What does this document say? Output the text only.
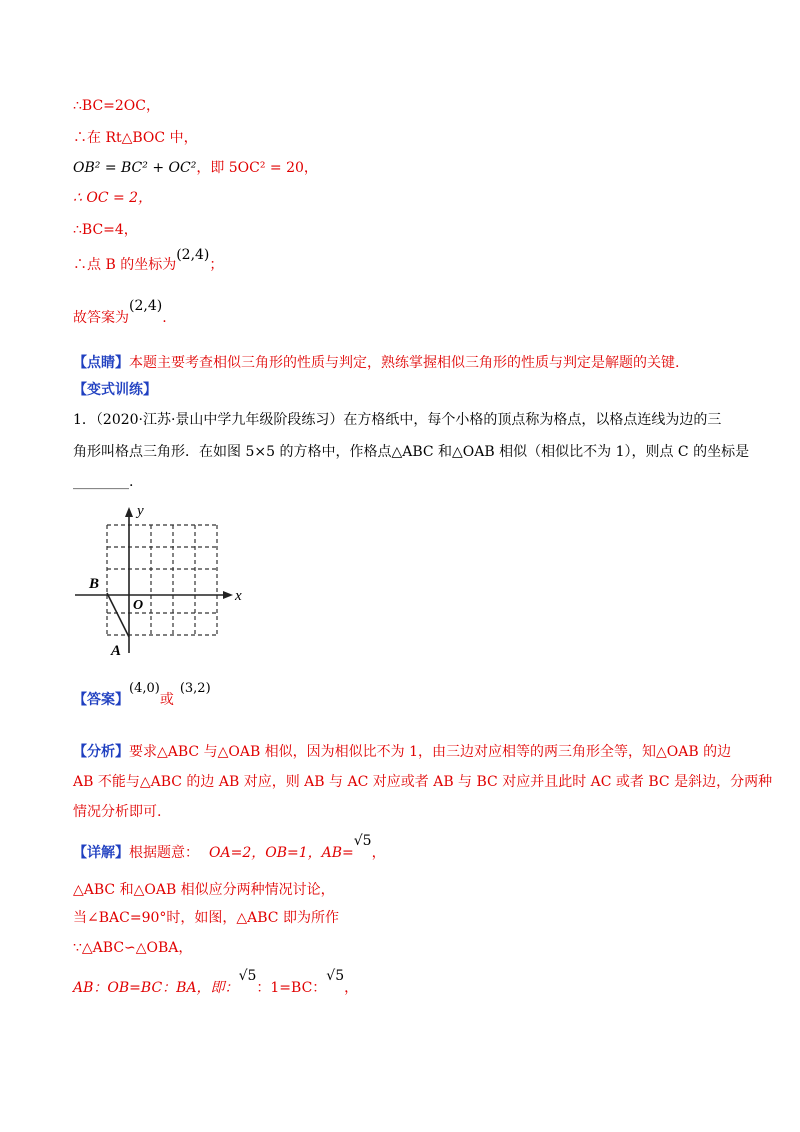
∴BC=2OC，
∴在 Rt△BOC 中，
OB² = BC² + OC²，即 5OC² = 20，
∴ OC = 2，
∴BC=4，
∴点 B 的坐标为(2,4)；
故答案为(2,4).
【点睛】本题主要考查相似三角形的性质与判定，熟练掌握相似三角形的性质与判定是解题的关键.
【变式训练】
1．（2020·江苏·景山中学九年级阶段练习）在方格纸中，每个小格的顶点称为格点，以格点连线为边的三
角形叫格点三角形．在如图 5×5 的方格中，作格点△ABC 和△OAB 相似（相似比不为 1），则点 C 的坐标是
________.
x
y
O
B
A
【答案】(4,0)或(3,2)
【分析】要求△ABC 与△OAB 相似，因为相似比不为 1，由三边对应相等的两三角形全等，知△OAB 的边
AB 不能与△ABC 的边 AB 对应，则 AB 与 AC 对应或者 AB 与 BC 对应并且此时 AC 或者 BC 是斜边，分两种
情况分析即可.
【详解】根据题意： OA=2，OB=1，AB=√5，
△ABC 和△OAB 相似应分两种情况讨论，
当∠BAC=90°时，如图，△ABC 即为所作
∵△ABC∽△OBA，
AB：OB=BC：BA，即：√5：1=BC：√5，
